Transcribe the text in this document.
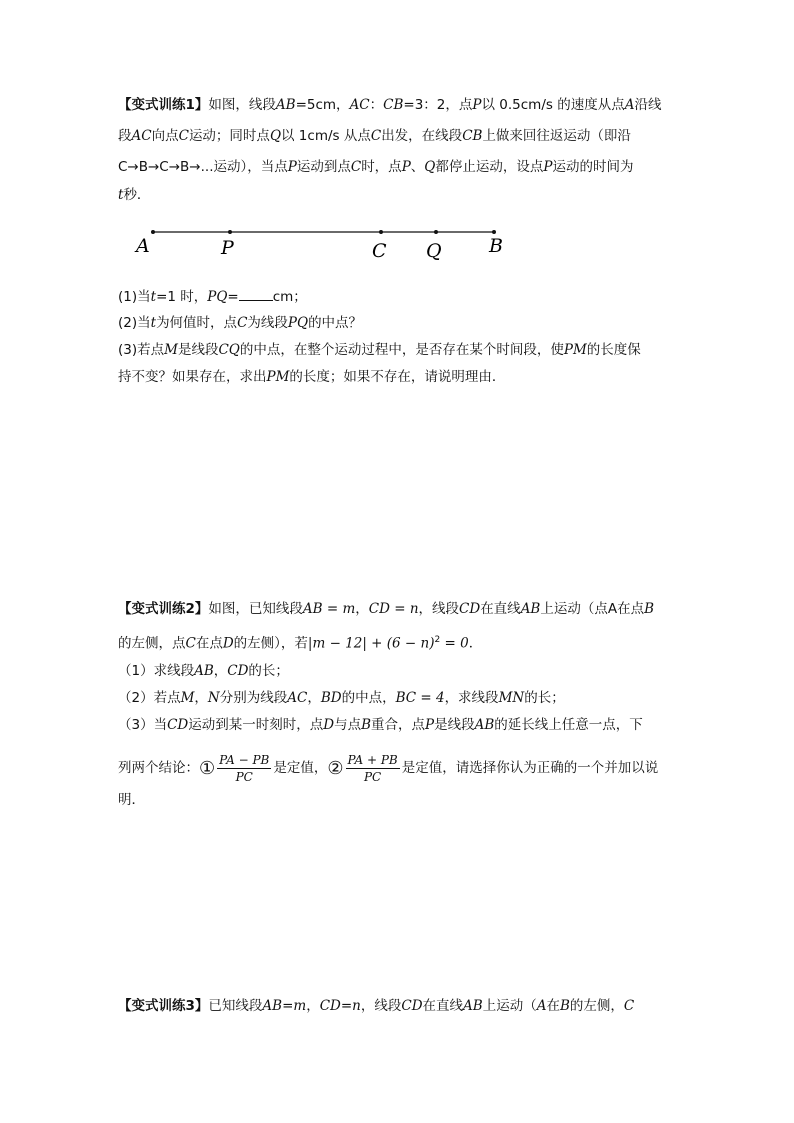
【变式训练1】如图，线段AB=5cm，AC：CB=3：2，点P以 0.5cm/s 的速度从点A沿线
段AC向点C运动；同时点Q以 1cm/s 从点C出发，在线段CB上做来回往返运动（即沿
C→B→C→B→...运动），当点P运动到点C时，点P、Q都停止运动，设点P运动的时间为
t秒．
A	P	C Q B
(1)当t=1 时，PQ=	cm；
(2)当t为何值时，点C为线段PQ的中点？
(3)若点M是线段CQ的中点，在整个运动过程中，是否存在某个时间段，使PM的长度保
持不变？如果存在，求出PM的长度；如果不存在，请说明理由．
【变式训练2】如图，已知线段AB = m，CD = n，线段CD在直线AB上运动（点A在点B
的左侧，点C在点D的左侧），若$|m - 12| + (6 - n)^2 = 0$．
（1）求线段AB，CD的长；
（2）若点M，N分别为线段AC，BD的中点，BC = 4，求线段MN的长；
（3）当CD运动到某一时刻时，点D与点B重合，点P是线段AB的延长线上任意一点，下
列两个结论：① $\frac{PA - PB}{PC}$ 是定值，② $\frac{PA + PB}{PC}$ 是定值，请选择你认为正确的一个并加以说
明．
【变式训练3】已知线段AB=m，CD=n，线段CD在直线AB上运动（A在B的左侧，C
